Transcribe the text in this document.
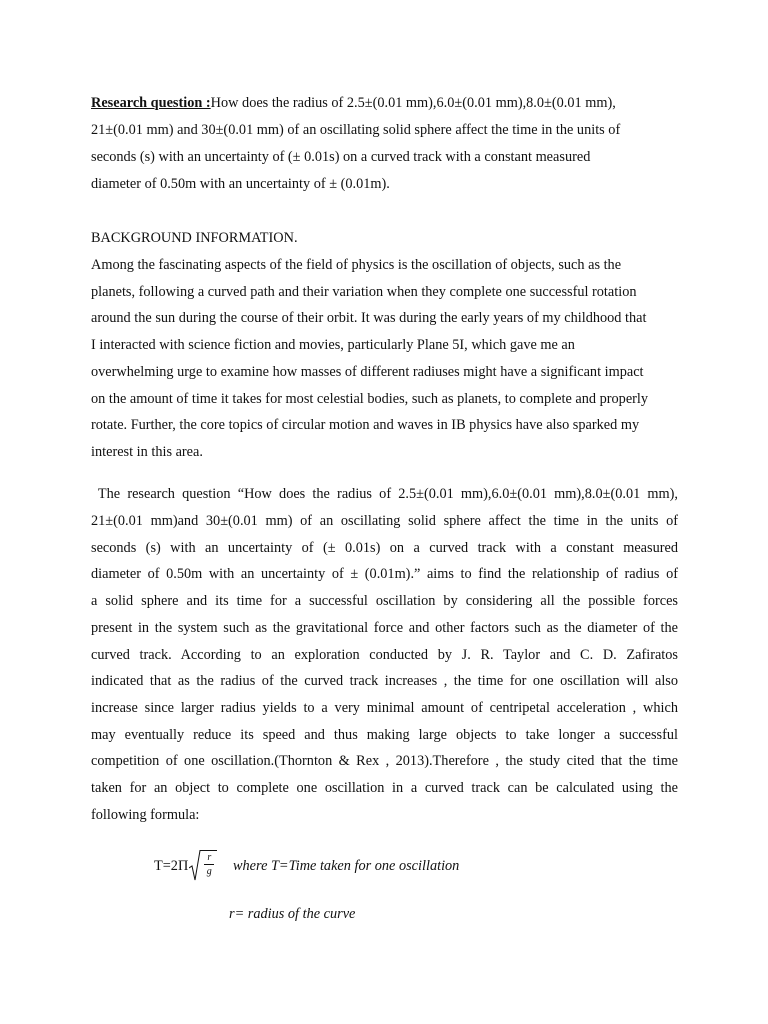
Research question :How does the radius of 2.5±(0.01 mm),6.0±(0.01 mm),8.0±(0.01 mm),
21±(0.01 mm) and 30±(0.01 mm) of an oscillating solid sphere affect the time in the units of
seconds (s) with an uncertainty of (± 0.01s) on a curved track with a constant measured
diameter of 0.50m with an uncertainty of ± (0.01m).
BACKGROUND INFORMATION.
Among the fascinating aspects of the field of physics is the oscillation of objects, such as the
planets, following a curved path and their variation when they complete one successful rotation
around the sun during the course of their orbit. It was during the early years of my childhood that
I interacted with science fiction and movies, particularly Plane 5I, which gave me an
overwhelming urge to examine how masses of different radiuses might have a significant impact
on the amount of time it takes for most celestial bodies, such as planets, to complete and properly
rotate. Further, the core topics of circular motion and waves in IB physics have also sparked my
interest in this area.
The research question “How does the radius of 2.5±(0.01 mm),6.0±(0.01 mm),8.0±(0.01 mm),
21±(0.01 mm)and 30±(0.01 mm) of an oscillating solid sphere affect the time in the units of
seconds (s) with an uncertainty of (± 0.01s) on a curved track with a constant measured
diameter of 0.50m with an uncertainty of ± (0.01m).” aims to find the relationship of radius of
a solid sphere and its time for a successful oscillation by considering all the possible forces
present in the system such as the gravitational force and other factors such as the diameter of the
curved track. According to an exploration conducted by J. R. Taylor and C. D. Zafiratos
indicated that as the radius of the curved track increases , the time for one oscillation will also
increase since larger radius yields to a very minimal amount of centripetal acceleration , which
may eventually reduce its speed and thus making large objects to take longer a successful
competition of one oscillation.(Thornton & Rex , 2013).Therefore , the study cited that the time
taken for an object to complete one oscillation in a curved track can be calculated using the
following formula:
T=2Π r
g where T=Time taken for one oscillation
r= radius of the curve
